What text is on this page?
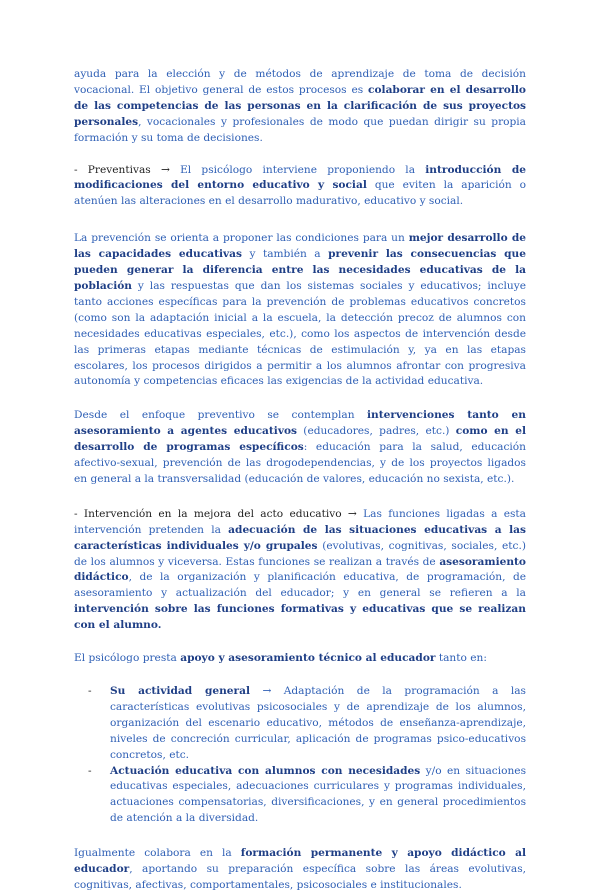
ayuda para la elección y de métodos de aprendizaje de toma de decisión vocacional. El objetivo general de estos procesos es colaborar en el desarrollo de las competencias de las personas en la clarificación de sus proyectos personales, vocacionales y profesionales de modo que puedan dirigir su propia formación y su toma de decisiones.

- Preventivas → El psicólogo interviene proponiendo la introducción de modificaciones del entorno educativo y social que eviten la aparición o atenúen las alteraciones en el desarrollo madurativo, educativo y social.

La prevención se orienta a proponer las condiciones para un mejor desarrollo de las capacidades educativas y también a prevenir las consecuencias que pueden generar la diferencia entre las necesidades educativas de la población y las respuestas que dan los sistemas sociales y educativos; incluye tanto acciones específicas para la prevención de problemas educativos concretos (como son la adaptación inicial a la escuela, la detección precoz de alumnos con necesidades educativas especiales, etc.), como los aspectos de intervención desde las primeras etapas mediante técnicas de estimulación y, ya en las etapas escolares, los procesos dirigidos a permitir a los alumnos afrontar con progresiva autonomía y competencias eficaces las exigencias de la actividad educativa.

Desde el enfoque preventivo se contemplan intervenciones tanto en asesoramiento a agentes educativos (educadores, padres, etc.) como en el desarrollo de programas específicos: educación para la salud, educación afectivo-sexual, prevención de las drogodependencias, y de los proyectos ligados en general a la transversalidad (educación de valores, educación no sexista, etc.).

- Intervención en la mejora del acto educativo → Las funciones ligadas a esta intervención pretenden la adecuación de las situaciones educativas a las características individuales y/o grupales (evolutivas, cognitivas, sociales, etc.) de los alumnos y viceversa. Estas funciones se realizan a través de asesoramiento didáctico, de la organización y planificación educativa, de programación, de asesoramiento y actualización del educador; y en general se refieren a la intervención sobre las funciones formativas y educativas que se realizan con el alumno.

El psicólogo presta apoyo y asesoramiento técnico al educador tanto en:

- Su actividad general → Adaptación de la programación a las características evolutivas psicosociales y de aprendizaje de los alumnos, organización del escenario educativo, métodos de enseñanza-aprendizaje, niveles de concreción curricular, aplicación de programas psico-educativos concretos, etc.
- Actuación educativa con alumnos con necesidades y/o en situaciones educativas especiales, adecuaciones curriculares y programas individuales, actuaciones compensatorias, diversificaciones, y en general procedimientos de atención a la diversidad.

Igualmente colabora en la formación permanente y apoyo didáctico al educador, aportando su preparación específica sobre las áreas evolutivas, cognitivas, afectivas, comportamentales, psicosociales e institucionales.
